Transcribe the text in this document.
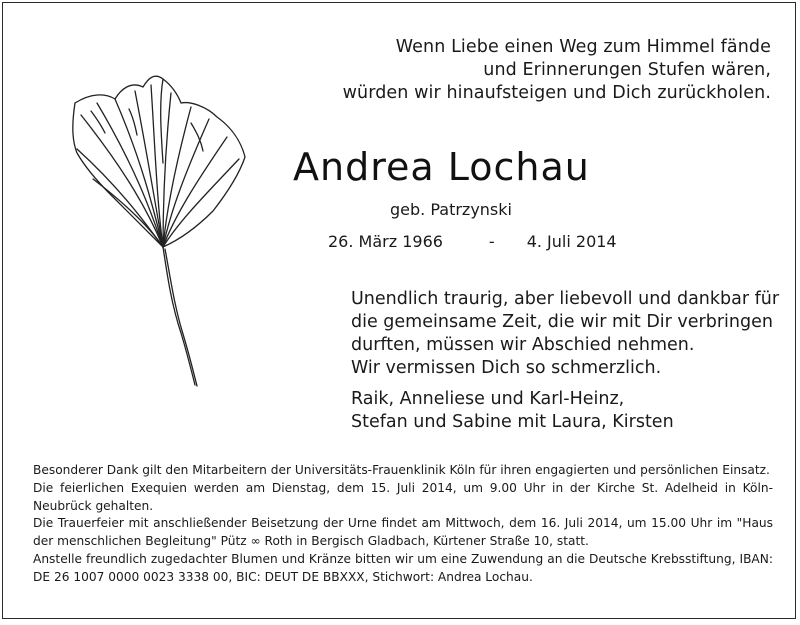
Wenn Liebe einen Weg zum Himmel fände
und Erinnerungen Stufen wären,
würden wir hinaufsteigen und Dich zurückholen.
Andrea Lochau
geb. Patrzynski
26. März 1966	- 4. Juli 2014
Unendlich traurig, aber liebevoll und dankbar für
die gemeinsame Zeit, die wir mit Dir verbringen
durften, müssen wir Abschied nehmen.
Wir vermissen Dich so schmerzlich.
Raik, Anneliese und Karl-Heinz,
Stefan und Sabine mit Laura, Kirsten

Besonderer Dank gilt den Mitarbeitern der Universitäts-Frauenklinik Köln für ihren engagierten und persönlichen Einsatz.

Die feierlichen Exequien werden am Dienstag, dem 15. Juli 2014, um 9.00 Uhr in der Kirche St. Adelheid in Köln-Neubrück gehalten.

Die Trauerfeier mit anschließender Beisetzung der Urne findet am Mittwoch, dem 16. Juli 2014, um 15.00 Uhr im "Haus der menschlichen Begleitung" Pütz ∞ Roth in Bergisch Gladbach, Kürtener Straße 10, statt.

Anstelle freundlich zugedachter Blumen und Kränze bitten wir um eine Zuwendung an die Deutsche Krebsstiftung, IBAN: DE 26 1007 0000 0023 3338 00, BIC: DEUT DE BBXXX, Stichwort: Andrea Lochau.
